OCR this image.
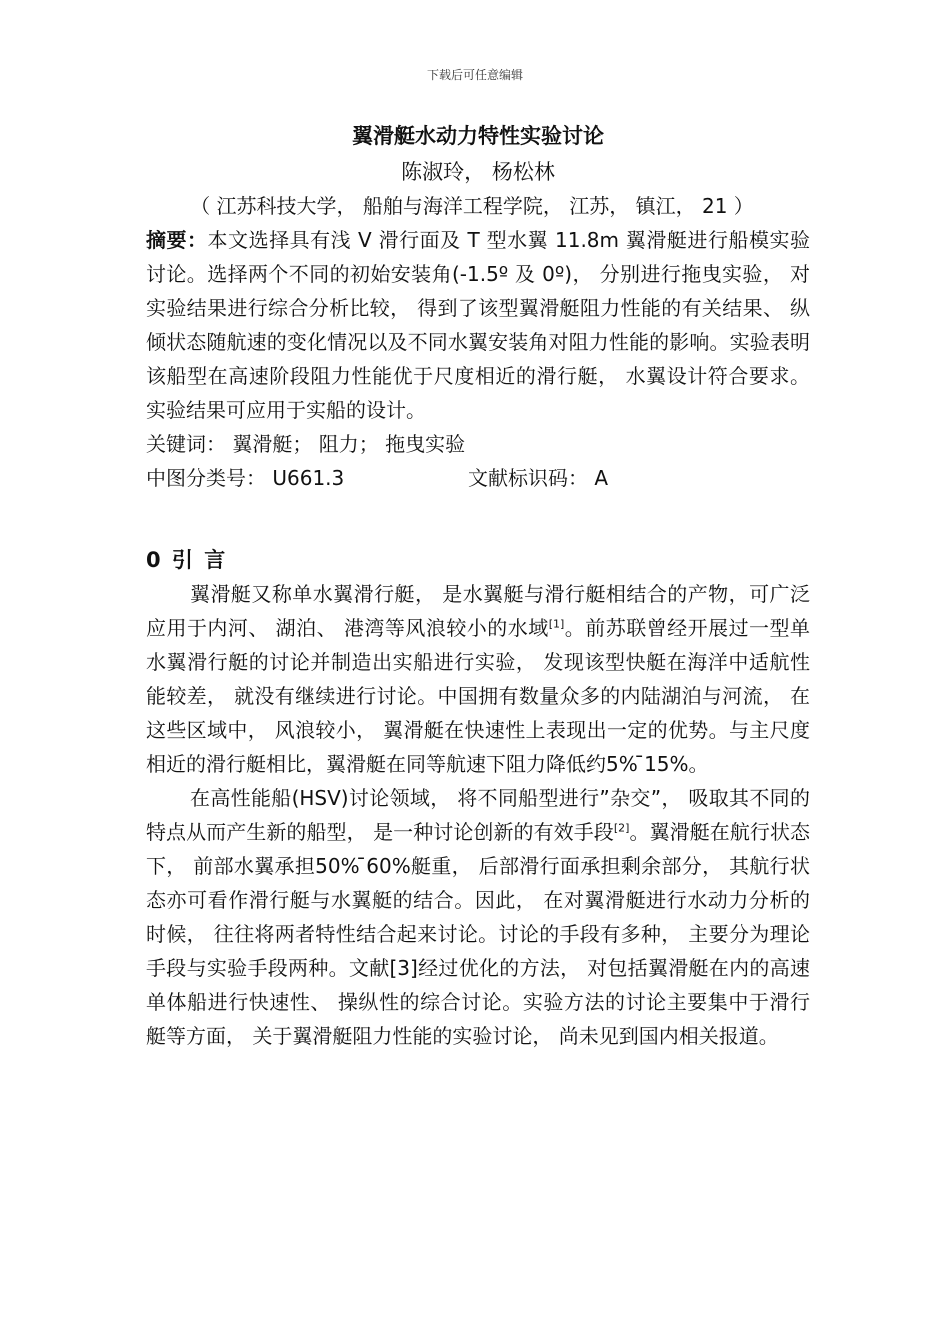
下载后可任意编辑
翼滑艇水动力特性实验讨论

陈淑玲， 杨松林

（ 江苏科技大学， 船舶与海洋工程学院， 江苏， 镇江， 21 ）

摘要：本文选择具有浅 V 滑行面及 T 型水翼 11.8m 翼滑艇进行船模实验讨论。选择两个不同的初始安装角(-1.5º 及 0º)， 分别进行拖曳实验， 对实验结果进行综合分析比较， 得到了该型翼滑艇阻力性能的有关结果、 纵倾状态随航速的变化情况以及不同水翼安装角对阻力性能的影响。实验表明该船型在高速阶段阻力性能优于尺度相近的滑行艇， 水翼设计符合要求。实验结果可应用于实船的设计。

关键词： 翼滑艇； 阻力； 拖曳实验

中图分类号： U661.3	文献标识码： A
0 引 言

翼滑艇又称单水翼滑行艇， 是水翼艇与滑行艇相结合的产物，可广泛应用于内河、 湖泊、 港湾等风浪较小的水域[1]。前苏联曾经开展过一型单水翼滑行艇的讨论并制造出实船进行实验， 发现该型快艇在海洋中适航性能较差， 就没有继续进行讨论。中国拥有数量众多的内陆湖泊与河流， 在这些区域中， 风浪较小， 翼滑艇在快速性上表现出一定的优势。与主尺度相近的滑行艇相比，翼滑艇在同等航速下阻力降低约5% ̄15%。

在高性能船(HSV)讨论领域， 将不同船型进行”杂交”， 吸取其不同的特点从而产生新的船型， 是一种讨论创新的有效手段[2]。翼滑艇在航行状态下， 前部水翼承担50% ̄60%艇重， 后部滑行面承担剩余部分， 其航行状态亦可看作滑行艇与水翼艇的结合。因此， 在对翼滑艇进行水动力分析的时候， 往往将两者特性结合起来讨论。讨论的手段有多种， 主要分为理论手段与实验手段两种。文献[3]经过优化的方法， 对包括翼滑艇在内的高速单体船进行快速性、 操纵性的综合讨论。实验方法的讨论主要集中于滑行艇等方面， 关于翼滑艇阻力性能的实验讨论， 尚未见到国内相关报道。
